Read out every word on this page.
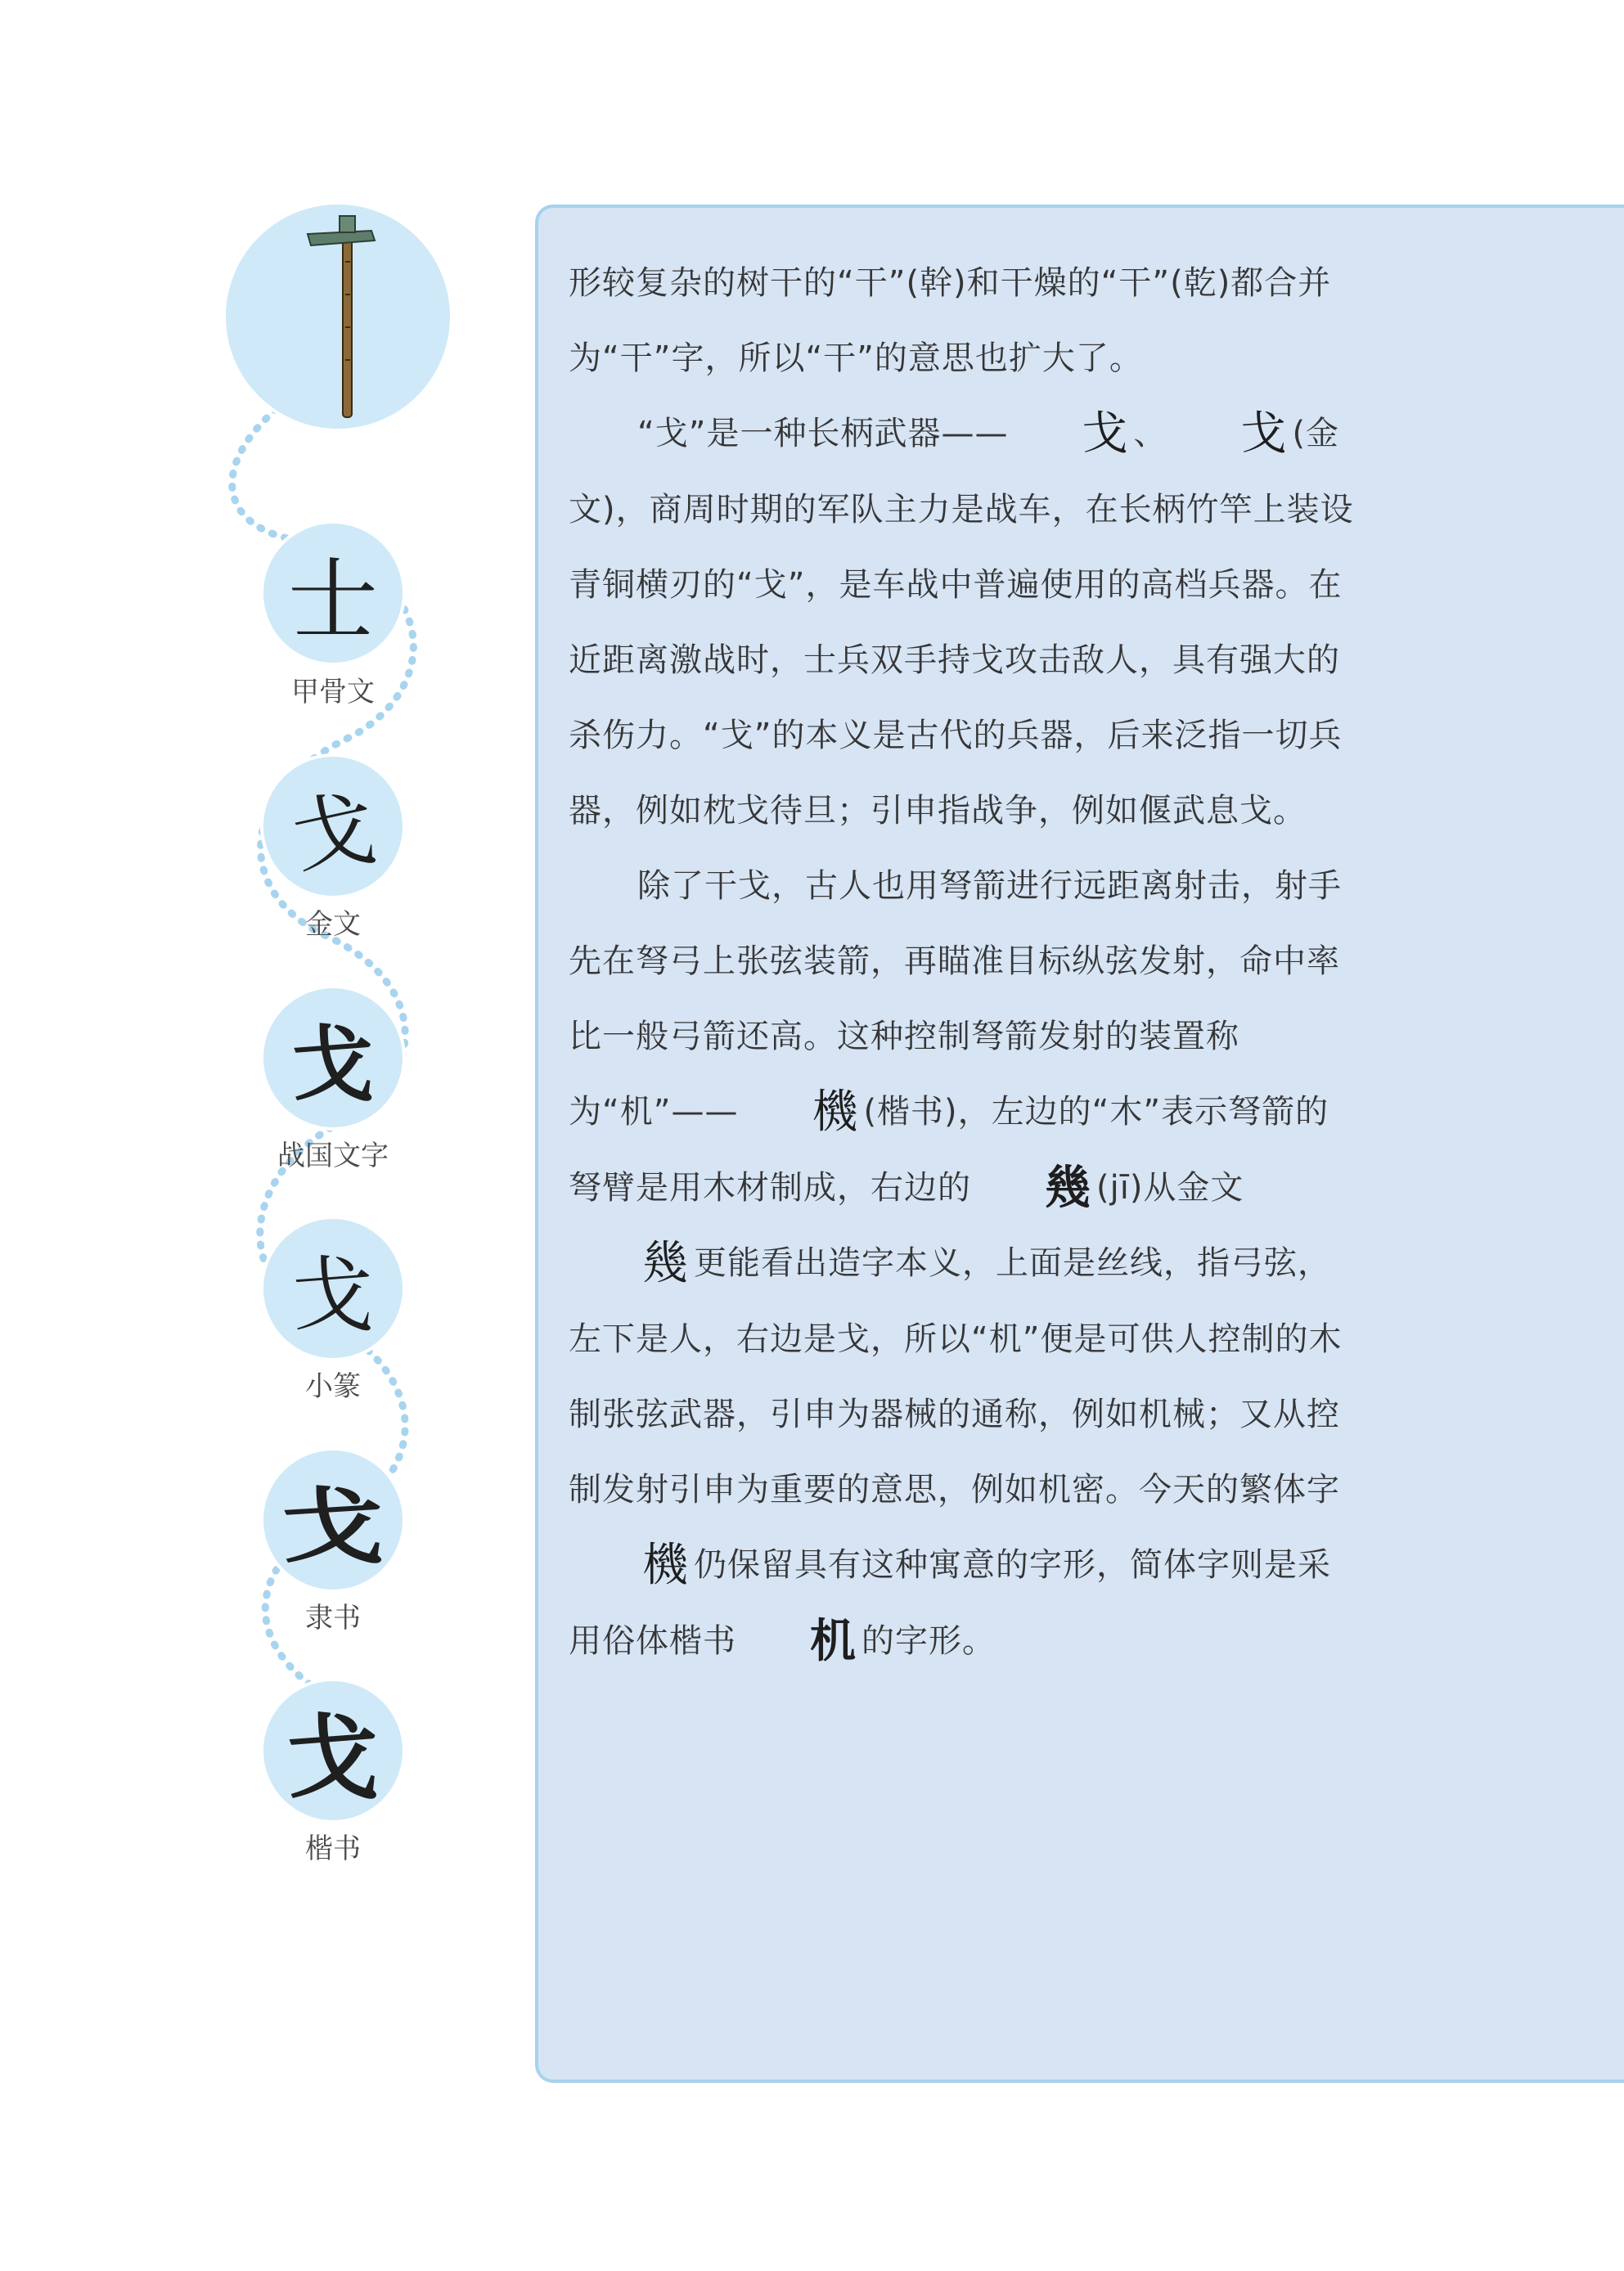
士
甲骨文
戈
金文
戈
战国文字
戈
小篆
戈
隶书
戈
楷书

形较复杂的树干的“干”(幹)和干燥的“干”(乾)都合并为“干”字，所以“干”的意思也扩大了。

“戈”是一种长柄武器—— 戈 、 戈 (金文)，商周时期的军队主力是战车，在长柄竹竿上装设青铜横刃的“戈”，是车战中普遍使用的高档兵器。在近距离激战时，士兵双手持戈攻击敌人，具有强大的杀伤力。“戈”的本义是古代的兵器，后来泛指一切兵器，例如枕戈待旦；引申指战争，例如偃武息戈。

除了干戈，古人也用弩箭进行远距离射击，射手先在弩弓上张弦装箭，再瞄准目标纵弦发射，命中率比一般弓箭还高。这种控制弩箭发射的装置称为“机”—— 機 (楷书)，左边的“木”表示弩箭的弩臂是用木材制成，右边的 幾 (jī)从金文幾 更能看出造字本义，上面是丝线，指弓弦，左下是人，右边是戈，所以“机”便是可供人控制的木制张弦武器，引申为器械的通称，例如机械；又从控制发射引申为重要的意思，例如机密。今天的繁体字機 仍保留具有这种寓意的字形，简体字则是采用俗体楷书 机 的字形。
